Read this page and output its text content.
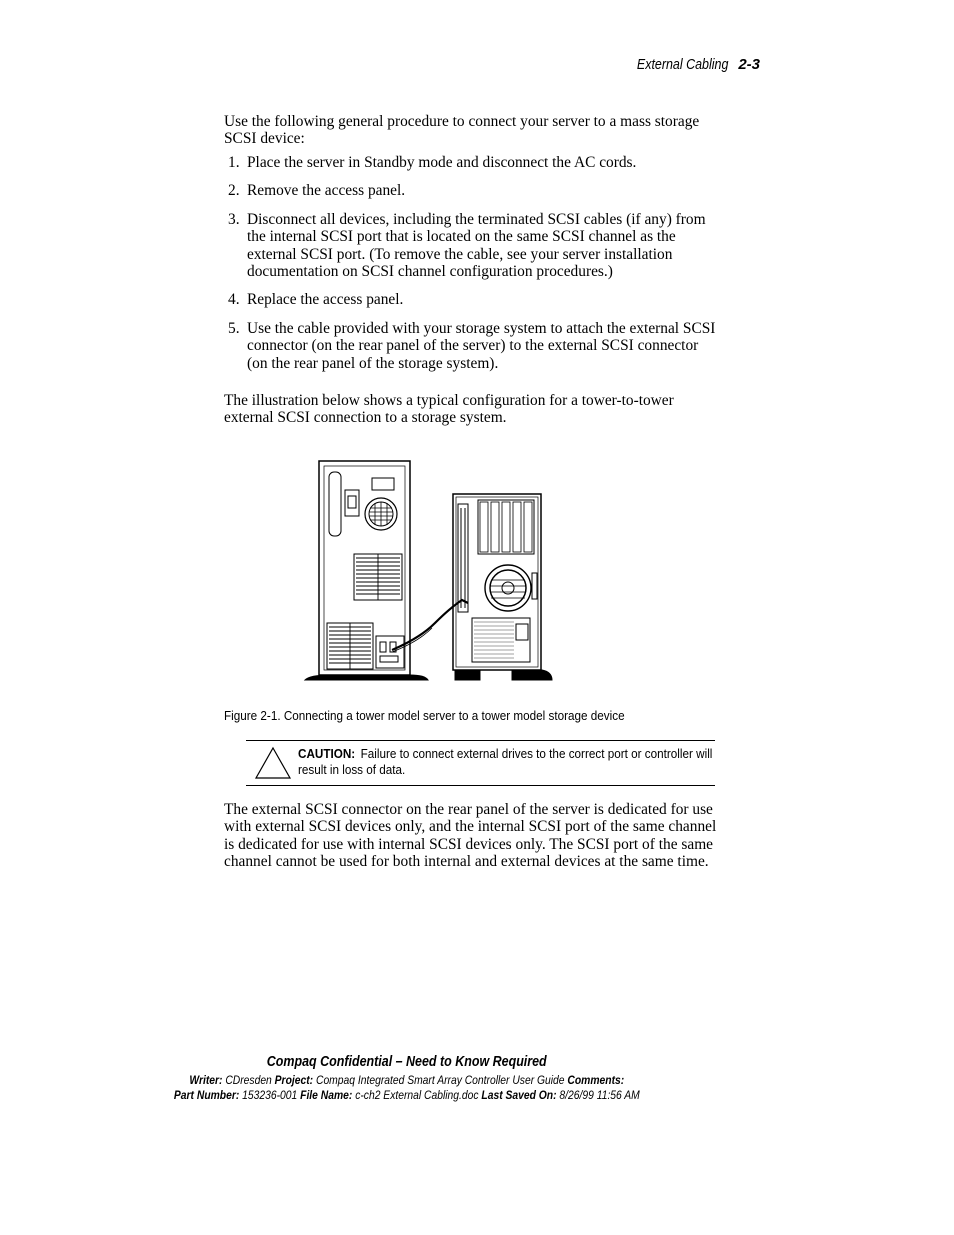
External Cabling 2-3
Use the following general procedure to connect your server to a mass storage SCSI device:
1. Place the server in Standby mode and disconnect the AC cords.
2. Remove the access panel.
3. Disconnect all devices, including the terminated SCSI cables (if any) from the internal SCSI port that is located on the same SCSI channel as the external SCSI port. (To remove the cable, see your server installation documentation on SCSI channel configuration procedures.)
4. Replace the access panel.
5. Use the cable provided with your storage system to attach the external SCSI connector (on the rear panel of the server) to the external SCSI connector (on the rear panel of the storage system).
The illustration below shows a typical configuration for a tower-to-tower external SCSI connection to a storage system.
Figure 2-1. Connecting a tower model server to a tower model storage device
CAUTION: Failure to connect external drives to the correct port or controller will result in loss of data.
The external SCSI connector on the rear panel of the server is dedicated for use with external SCSI devices only, and the internal SCSI port of the same channel is dedicated for use with internal SCSI devices only. The SCSI port of the same channel cannot be used for both internal and external devices at the same time.
Compaq Confidential – Need to Know Required
Writer: CDresden Project: Compaq Integrated Smart Array Controller User Guide Comments:
Part Number: 153236-001 File Name: c-ch2 External Cabling.doc Last Saved On: 8/26/99 11:56 AM
